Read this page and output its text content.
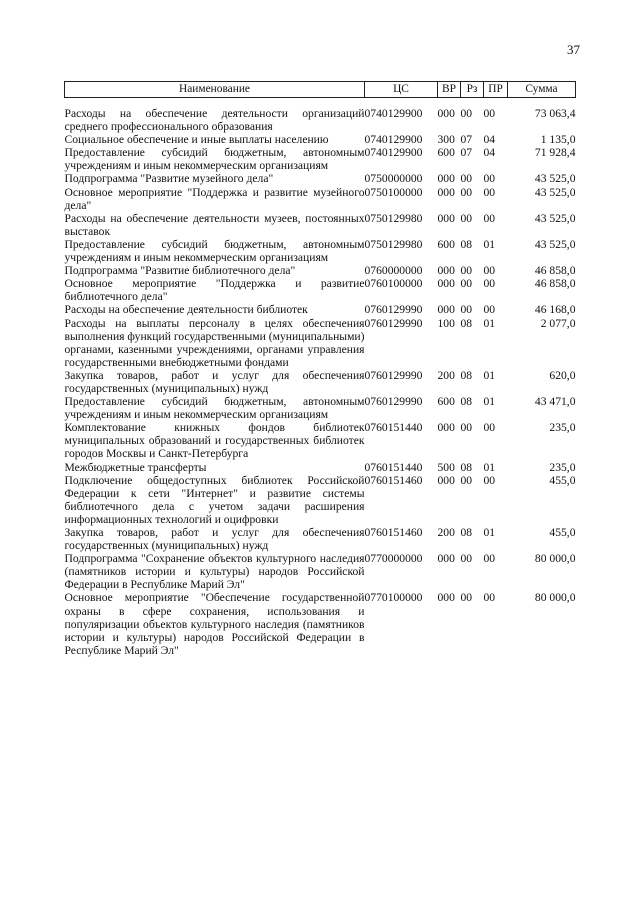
37
Наименование	ЦС	ВР	Рз	ПР	Сумма

Расходы на обеспечение деятельности организаций среднего профессионального образования	0740129900	000	00	00	73 063,4
Социальное обеспечение и иные выплаты населению	0740129900	300	07	04	1 135,0
Предоставление субсидий бюджетным, автономным учреждениям и иным некоммерческим организациям	0740129900	600	07	04	71 928,4
Подпрограмма "Развитие музейного дела"	0750000000	000	00	00	43 525,0
Основное мероприятие "Поддержка и развитие музейного дела"	0750100000	000	00	00	43 525,0
Расходы на обеспечение деятельности музеев, постоянных выставок	0750129980	000	00	00	43 525,0
Предоставление субсидий бюджетным, автономным учреждениям и иным некоммерческим организациям	0750129980	600	08	01	43 525,0
Подпрограмма "Развитие библиотечного дела"	0760000000	000	00	00	46 858,0
Основное мероприятие "Поддержка и развитие библиотечного дела"	0760100000	000	00	00	46 858,0
Расходы на обеспечение деятельности библиотек	0760129990	000	00	00	46 168,0
Расходы на выплаты персоналу в целях обеспечения выполнения функций государственными (муниципальными) органами, казенными учреждениями, органами управления государственными внебюджетными фондами	0760129990	100	08	01	2 077,0
Закупка товаров, работ и услуг для обеспечения государственных (муниципальных) нужд	0760129990	200	08	01	620,0
Предоставление субсидий бюджетным, автономным учреждениям и иным некоммерческим организациям	0760129990	600	08	01	43 471,0
Комплектование книжных фондов библиотек муниципальных образований и государственных библиотек городов Москвы и Санкт-Петербурга	0760151440	000	00	00	235,0
Межбюджетные трансферты	0760151440	500	08	01	235,0
Подключение общедоступных библиотек Российской Федерации к сети "Интернет" и развитие системы библиотечного дела с учетом задачи расширения информационных технологий и оцифровки	0760151460	000	00	00	455,0
Закупка товаров, работ и услуг для обеспечения государственных (муниципальных) нужд	0760151460	200	08	01	455,0
Подпрограмма "Сохранение объектов культурного наследия (памятников истории и культуры) народов Российской Федерации в Республике Марий Эл"	0770000000	000	00	00	80 000,0
Основное мероприятие "Обеспечение государственной охраны в сфере сохранения, использования и популяризации объектов культурного наследия (памятников истории и культуры) народов Российской Федерации в Республике Марий Эл"	0770100000	000	00	00	80 000,0
